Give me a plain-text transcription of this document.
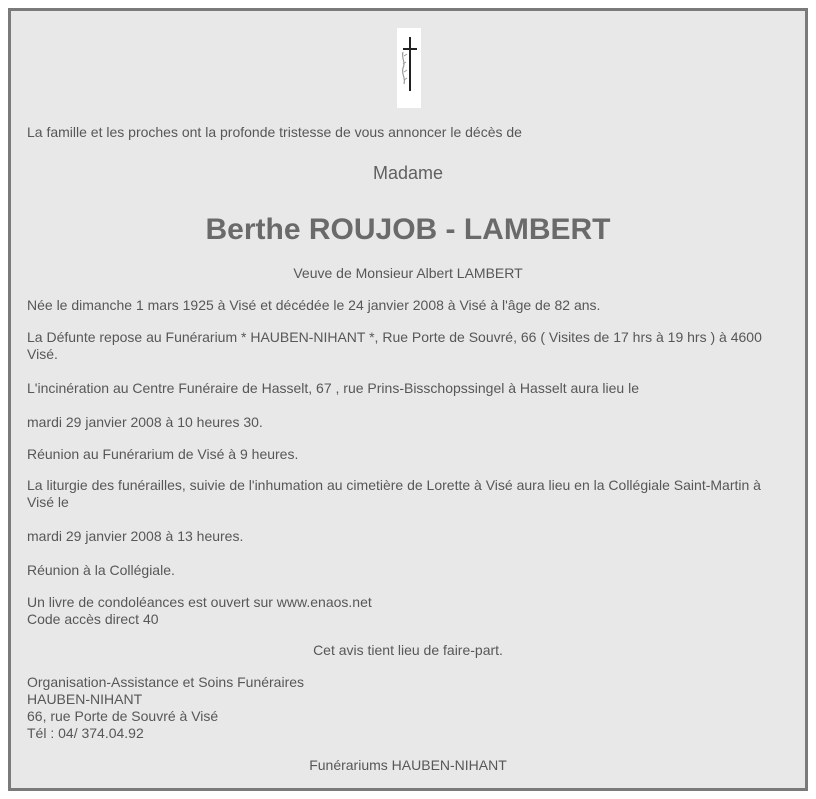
La famille et les proches ont la profonde tristesse de vous annoncer le décès de
Madame
Berthe ROUJOB - LAMBERT
Veuve de Monsieur Albert LAMBERT
Née le dimanche 1 mars 1925 à Visé et décédée le 24 janvier 2008 à Visé à l'âge de 82 ans.
La Défunte repose au Funérarium * HAUBEN-NIHANT *, Rue Porte de Souvré, 66 ( Visites de 17 hrs à 19 hrs ) à 4600 Visé.
L'incinération au Centre Funéraire de Hasselt, 67 , rue Prins-Bisschopssingel à Hasselt aura lieu le
mardi 29 janvier 2008 à 10 heures 30.
Réunion au Funérarium de Visé à 9 heures.
La liturgie des funérailles, suivie de l'inhumation au cimetière de Lorette à Visé aura lieu en la Collégiale Saint-Martin à Visé le
mardi 29 janvier 2008 à 13 heures.
Réunion à la Collégiale.
Un livre de condoléances est ouvert sur www.enaos.net
Code accès direct 40
Cet avis tient lieu de faire-part.
Organisation-Assistance et Soins Funéraires
HAUBEN-NIHANT
66, rue Porte de Souvré à Visé
Tél : 04/ 374.04.92
Funérariums HAUBEN-NIHANT
